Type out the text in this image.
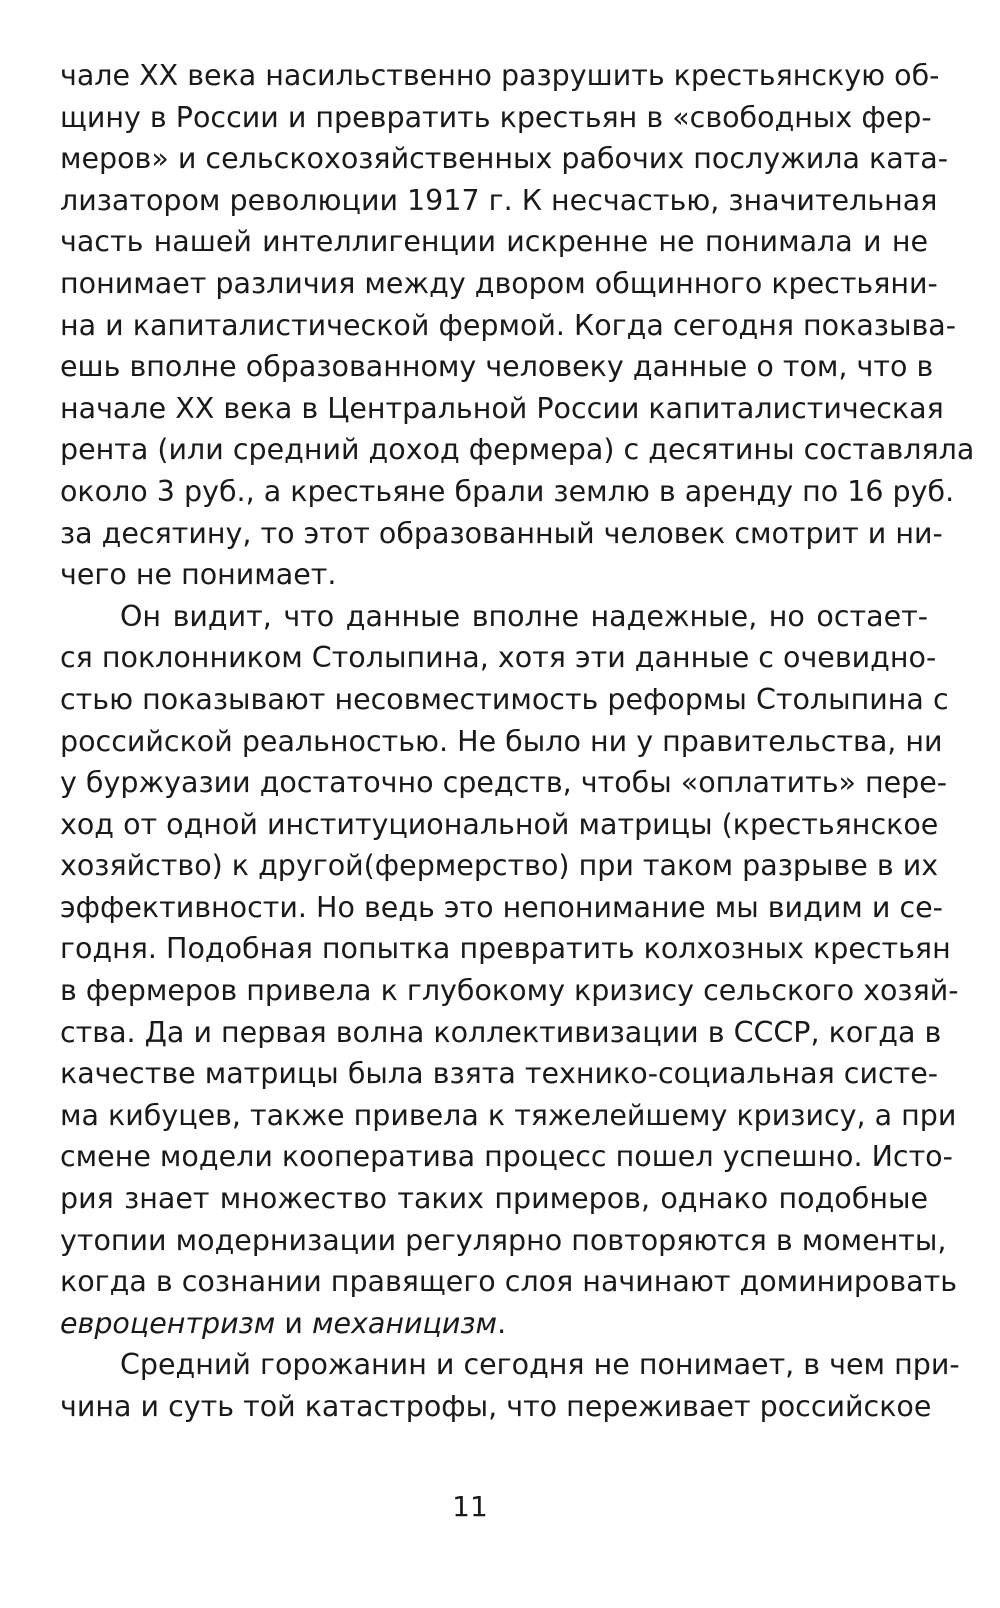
чале XX века насильственно разрушить крестьянскую об-
щину в России и превратить крестьян в «свободных фер-
меров» и сельскохозяйственных рабочих послужила ката-
лизатором революции 1917 г. К несчастью, значительная
часть нашей интеллигенции искренне не понимала и не
понимает различия между двором общинного крестьяни-
на и капиталистической фермой. Когда сегодня показыва-
ешь вполне образованному человеку данные о том, что в
начале XX века в Центральной России капиталистическая
рента (или средний доход фермера) с десятины составляла
около 3 руб., а крестьяне брали землю в аренду по 16 руб.
за десятину, то этот образованный человек смотрит и ни-
чего не понимает.
Он видит, что данные вполне надежные, но остает-
ся поклонником Столыпина, хотя эти данные с очевидно-
стью показывают несовместимость реформы Столыпина с
российской реальностью. Не было ни у правительства, ни
у буржуазии достаточно средств, чтобы «оплатить» пере-
ход от одной институциональной матрицы (крестьянское
хозяйство) к другой(фермерство) при таком разрыве в их
эффективности. Но ведь это непонимание мы видим и се-
годня. Подобная попытка превратить колхозных крестьян
в фермеров привела к глубокому кризису сельского хозяй-
ства. Да и первая волна коллективизации в СССР, когда в
качестве матрицы была взята технико-социальная систе-
ма кибуцев, также привела к тяжелейшему кризису, а при
смене модели кооператива процесс пошел успешно. Исто-
рия знает множество таких примеров, однако подобные
утопии модернизации регулярно повторяются в моменты,
когда в сознании правящего слоя начинают доминировать
евроцентризм и механицизм.
Средний горожанин и сегодня не понимает, в чем при-
чина и суть той катастрофы, что переживает российское
11
